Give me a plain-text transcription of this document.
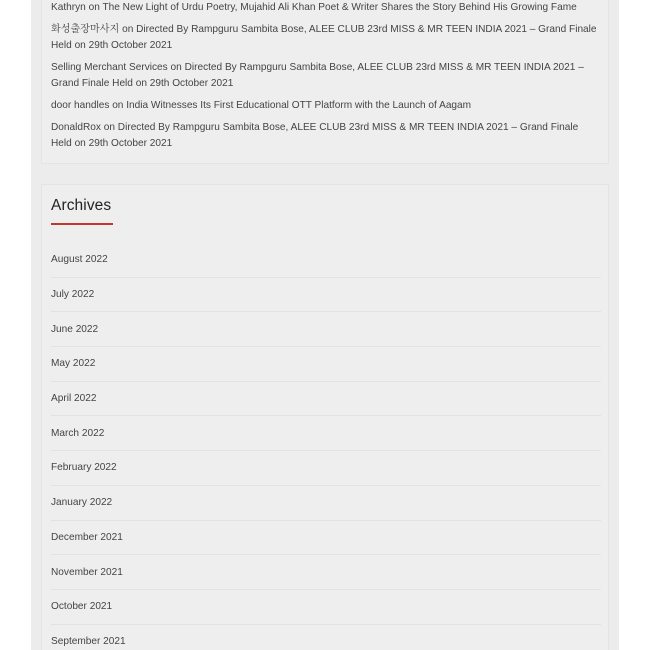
Kathryn on The New Light of Urdu Poetry, Mujahid Ali Khan Poet & Writer Shares the Story Behind His Growing Fame
화성출장마사지 on Directed By Rampguru Sambita Bose, ALEE CLUB 23rd MISS & MR TEEN INDIA 2021 – Grand Finale Held on 29th October 2021
Selling Merchant Services on Directed By Rampguru Sambita Bose, ALEE CLUB 23rd MISS & MR TEEN INDIA 2021 – Grand Finale Held on 29th October 2021
door handles on India Witnesses Its First Educational OTT Platform with the Launch of Aagam
DonaldRox on Directed By Rampguru Sambita Bose, ALEE CLUB 23rd MISS & MR TEEN INDIA 2021 – Grand Finale Held on 29th October 2021
Archives
August 2022
July 2022
June 2022
May 2022
April 2022
March 2022
February 2022
January 2022
December 2021
November 2021
October 2021
September 2021
